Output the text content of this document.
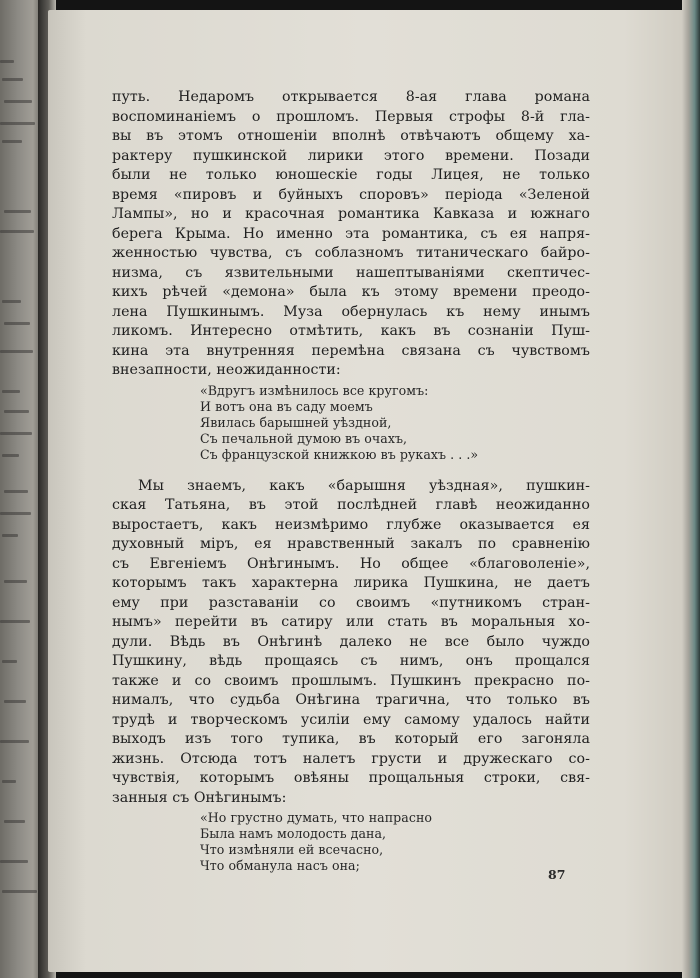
путь. Недаромъ открывается 8-ая глава романа
воспоминаніемъ о прошломъ. Первыя строфы 8-й гла-
вы въ этомъ отношеніи вполнѣ отвѣчаютъ общему ха-
рактеру пушкинской лирики этого времени. Позади
были не только юношескіе годы Лицея, не только
время «пировъ и буйныхъ споровъ» періода «Зеленой
Лампы», но и красочная романтика Кавказа и южнаго
берега Крыма. Но именно эта романтика, съ ея напря-
женностью чувства, съ соблазномъ титаническаго байро-
низма, съ язвительными нашептываніями скептичес-
кихъ рѣчей «демона» была къ этому времени преодо-
лена Пушкинымъ. Муза обернулась къ нему инымъ
ликомъ. Интересно отмѣтить, какъ въ сознаніи Пуш-
кина эта внутренняя перемѣна связана съ чувствомъ
внезапности, неожиданности:
«Вдругъ измѣнилось все кругомъ:
И вотъ она въ саду моемъ
Явилась барышней уѣздной,
Съ печальной думою въ очахъ,
Съ французской книжкою въ рукахъ . . .»
Мы знаемъ, какъ «барышня уѣздная», пушкин-
ская Татьяна, въ этой послѣдней главѣ неожиданно
выростаетъ, какъ неизмѣримо глубже оказывается ея
духовный міръ, ея нравственный закалъ по сравненію
съ Евгеніемъ Онѣгинымъ. Но общее «благоволеніе»,
которымъ такъ характерна лирика Пушкина, не даетъ
ему при разставаніи со своимъ «путникомъ стран-
нымъ» перейти въ сатиру или стать въ моральныя хо-
дули. Вѣдь въ Онѣгинѣ далеко не все было чуждо
Пушкину, вѣдь прощаясь съ нимъ, онъ прощался
также и со своимъ прошлымъ. Пушкинъ прекрасно по-
нималъ, что судьба Онѣгина трагична, что только въ
трудѣ и творческомъ усиліи ему самому удалось найти
выходъ изъ того тупика, въ который его загоняла
жизнь. Отсюда тотъ налетъ грусти и дружескаго со-
чувствія, которымъ овѣяны прощальныя строки, свя-
занныя съ Онѣгинымъ:
«Но грустно думать, что напрасно
Была намъ молодость дана,
Что измѣняли ей всечасно,
Что обманула насъ она;
87
